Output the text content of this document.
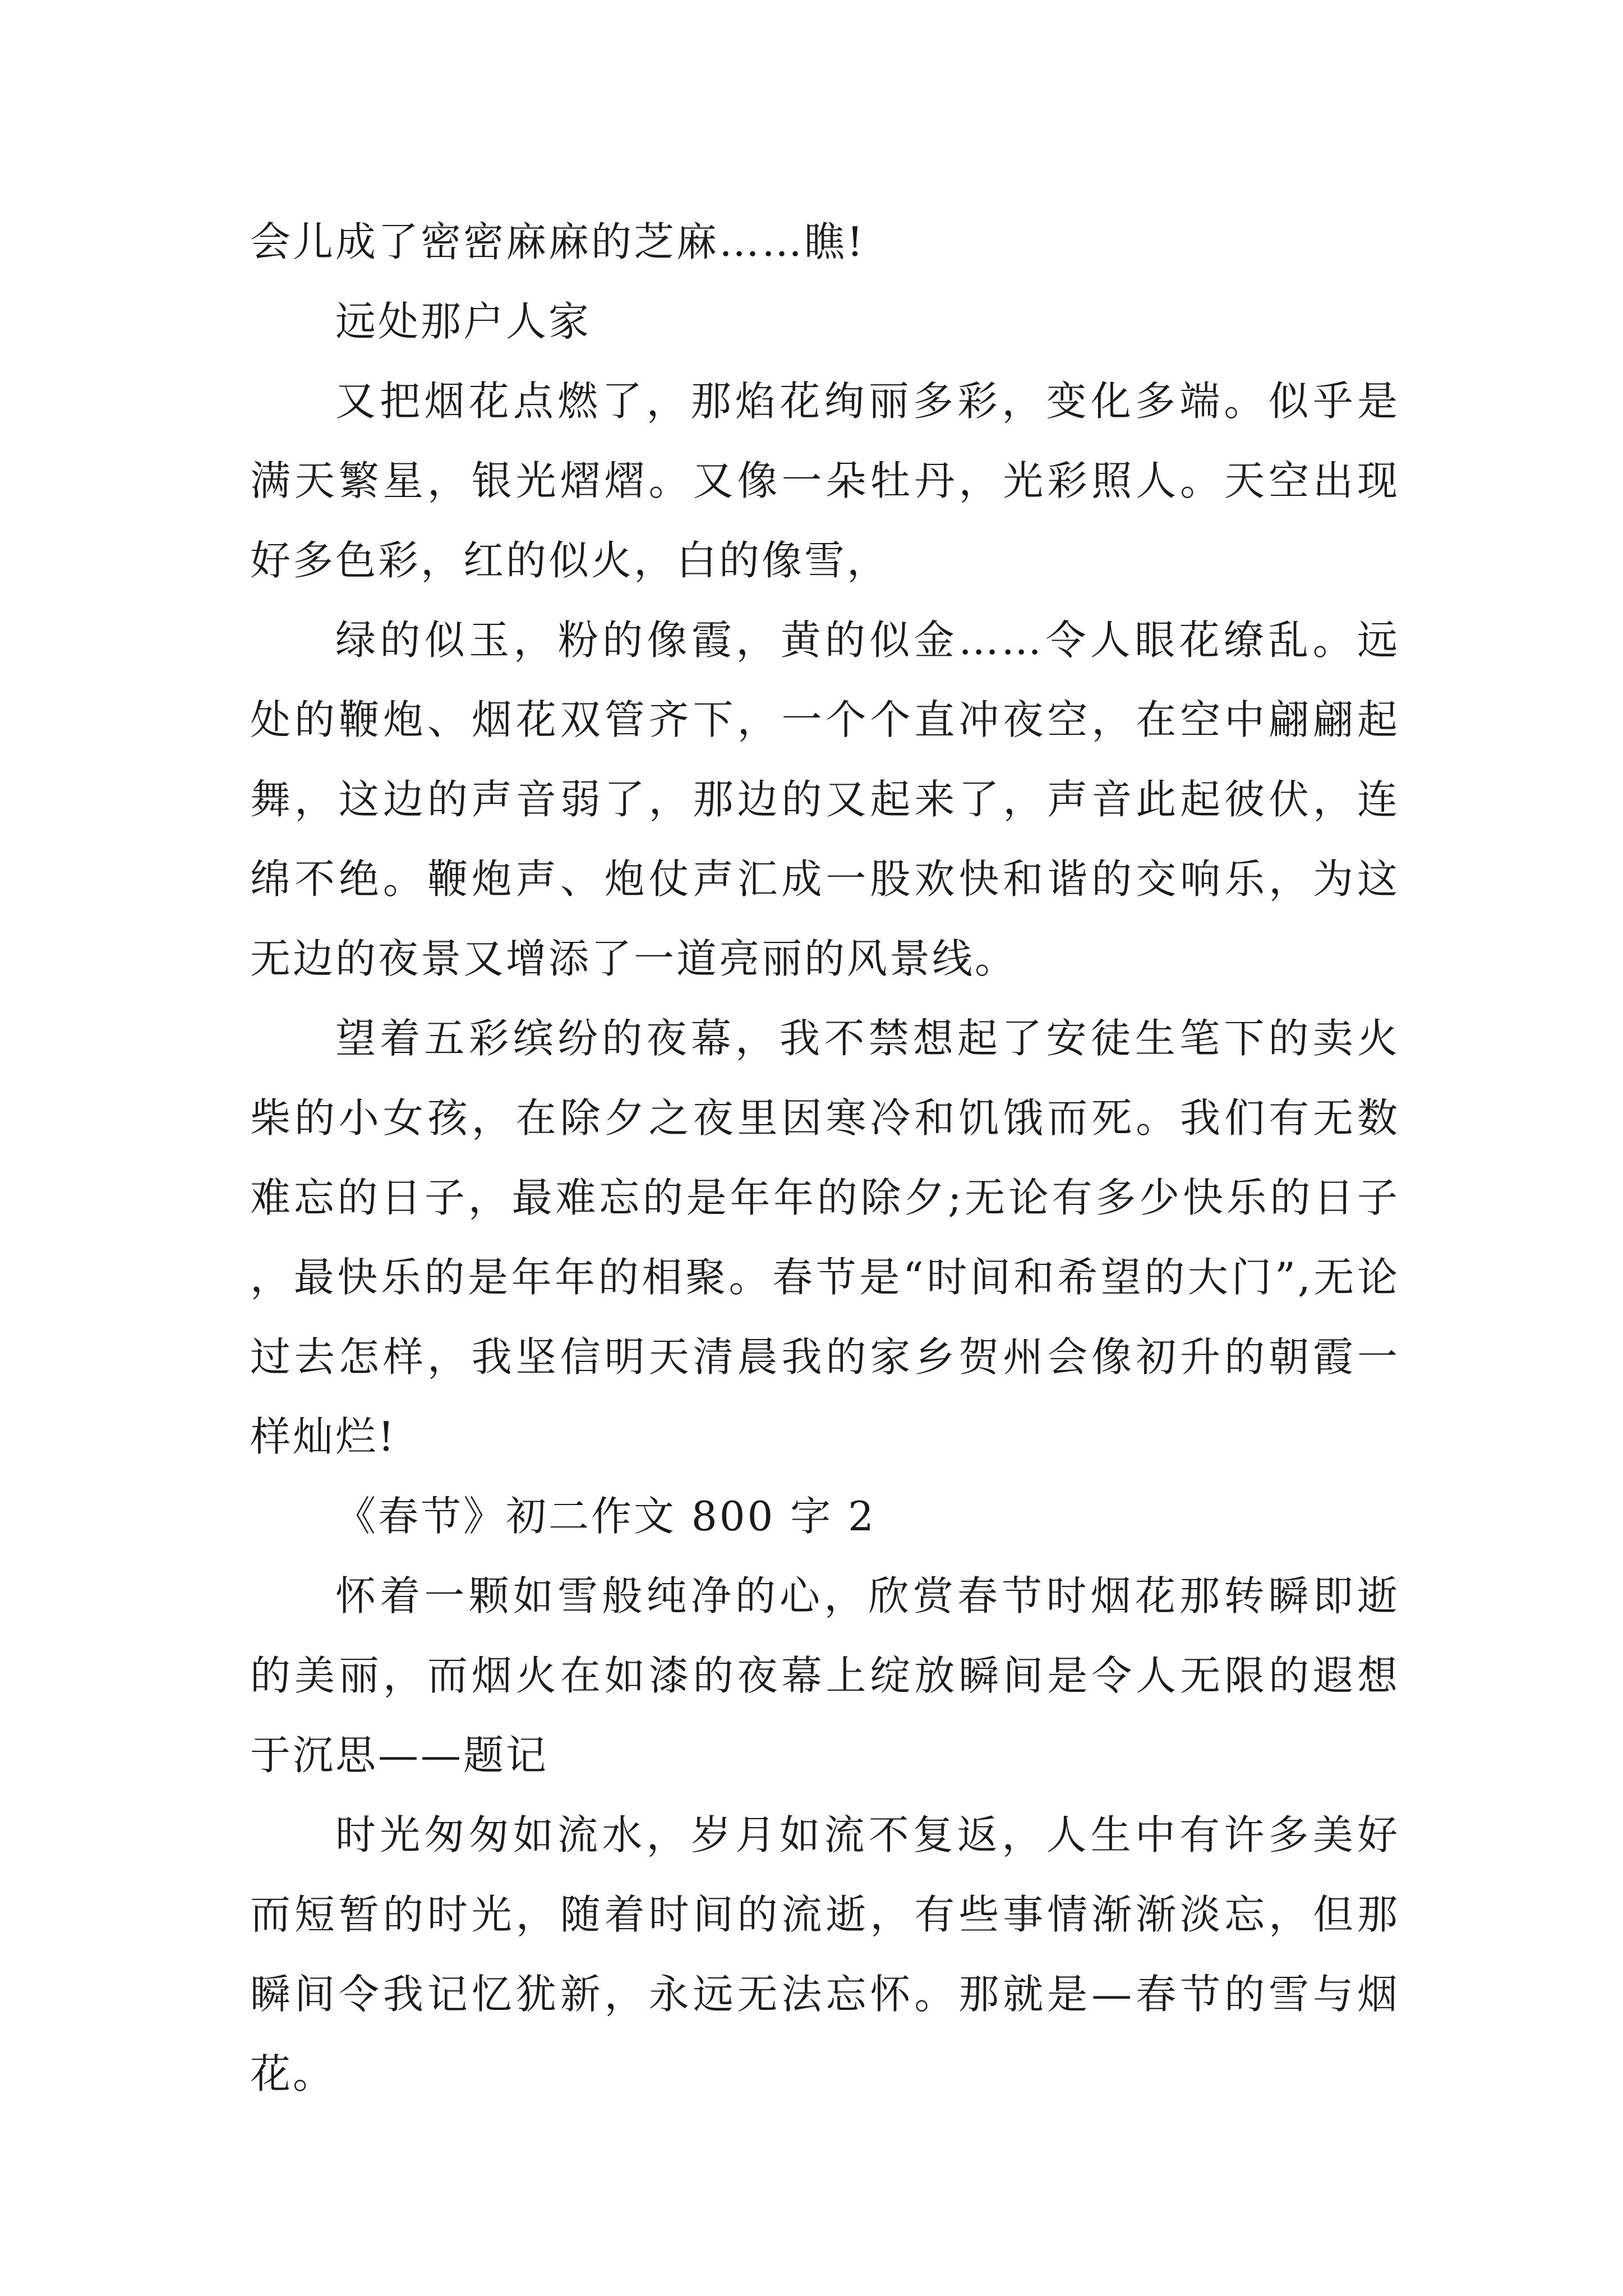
会儿成了密密麻麻的芝麻……瞧!

远处那户人家

又把烟花点燃了，那焰花绚丽多彩，变化多端。似乎是满天繁星，银光熠熠。又像一朵牡丹，光彩照人。天空出现好多色彩，红的似火，白的像雪，

绿的似玉，粉的像霞，黄的似金……令人眼花缭乱。远处的鞭炮、烟花双管齐下，一个个直冲夜空，在空中翩翩起舞，这边的声音弱了，那边的又起来了，声音此起彼伏，连绵不绝。鞭炮声、炮仗声汇成一股欢快和谐的交响乐，为这无边的夜景又增添了一道亮丽的风景线。

望着五彩缤纷的夜幕，我不禁想起了安徒生笔下的卖火柴的小女孩，在除夕之夜里因寒冷和饥饿而死。我们有无数难忘的日子，最难忘的是年年的除夕;无论有多少快乐的日子，最快乐的是年年的相聚。春节是“时间和希望的大门”,无论过去怎样，我坚信明天清晨我的家乡贺州会像初升的朝霞一样灿烂!

《春节》初二作文 800 字 2

怀着一颗如雪般纯净的心，欣赏春节时烟花那转瞬即逝的美丽，而烟火在如漆的夜幕上绽放瞬间是令人无限的遐想于沉思——题记

时光匆匆如流水，岁月如流不复返，人生中有许多美好而短暂的时光，随着时间的流逝，有些事情渐渐淡忘，但那瞬间令我记忆犹新，永远无法忘怀。那就是—春节的雪与烟花。
